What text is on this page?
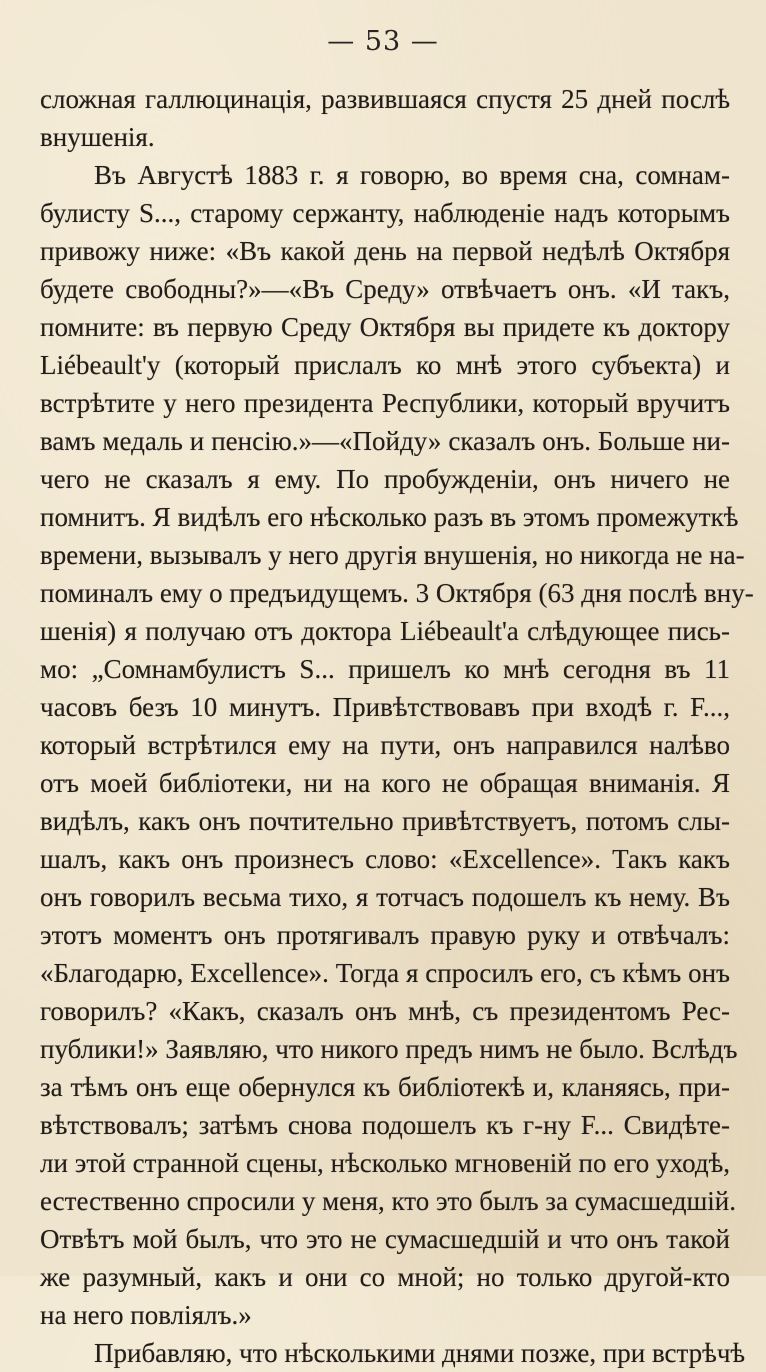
— 53 —
сложная галлюцинація, развившаяся спустя 25 дней послѣ
внушенія.
Въ Августѣ 1883 г. я говорю, во время сна, сомнам-
булисту S..., старому сержанту, наблюденіе надъ которымъ
привожу ниже: «Въ какой день на первой недѣлѣ Октября
будете свободны?»—«Въ Среду» отвѣчаетъ онъ. «И такъ,
помните: въ первую Среду Октября вы придете къ доктору
Liébeault'у (который прислалъ ко мнѣ этого субъекта) и
встрѣтите у него президента Республики, который вручитъ
вамъ медаль и пенсію.»—«Пойду» сказалъ онъ. Больше ни-
чего не сказалъ я ему. По пробужденіи, онъ ничего не
помнитъ. Я видѣлъ его нѣсколько разъ въ этомъ промежуткѣ
времени, вызывалъ у него другія внушенія, но никогда не на-
поминалъ ему о предъидущемъ. 3 Октября (63 дня послѣ вну-
шенія) я получаю отъ доктора Liébeault'а слѣдующее пись-
мо: „Сомнамбулистъ S... пришелъ ко мнѣ сегодня въ 11
часовъ безъ 10 минутъ. Привѣтствовавъ при входѣ г. F...,
который встрѣтился ему на пути, онъ направился налѣво
отъ моей библіотеки, ни на кого не обращая вниманія. Я
видѣлъ, какъ онъ почтительно привѣтствуетъ, потомъ слы-
шалъ, какъ онъ произнесъ слово: «Excellence». Такъ какъ
онъ говорилъ весьма тихо, я тотчасъ подошелъ къ нему. Въ
этотъ моментъ онъ протягивалъ правую руку и отвѣчалъ:
«Благодарю, Excellence». Тогда я спросилъ его, съ кѣмъ онъ
говорилъ? «Какъ, сказалъ онъ мнѣ, съ президентомъ Рес-
публики!» Заявляю, что никого предъ нимъ не было. Вслѣдъ
за тѣмъ онъ еще обернулся къ библіотекѣ и, кланяясь, при-
вѣтствовалъ; затѣмъ снова подошелъ къ г-ну F... Свидѣте-
ли этой странной сцены, нѣсколько мгновеній по его уходѣ,
естественно спросили у меня, кто это былъ за сумасшедшій.
Отвѣтъ мой былъ, что это не сумасшедшій и что онъ такой
же разумный, какъ и они со мной; но только другой-кто
на него повліялъ.»
Прибавляю, что нѣсколькими днями позже, при встрѣчѣ
